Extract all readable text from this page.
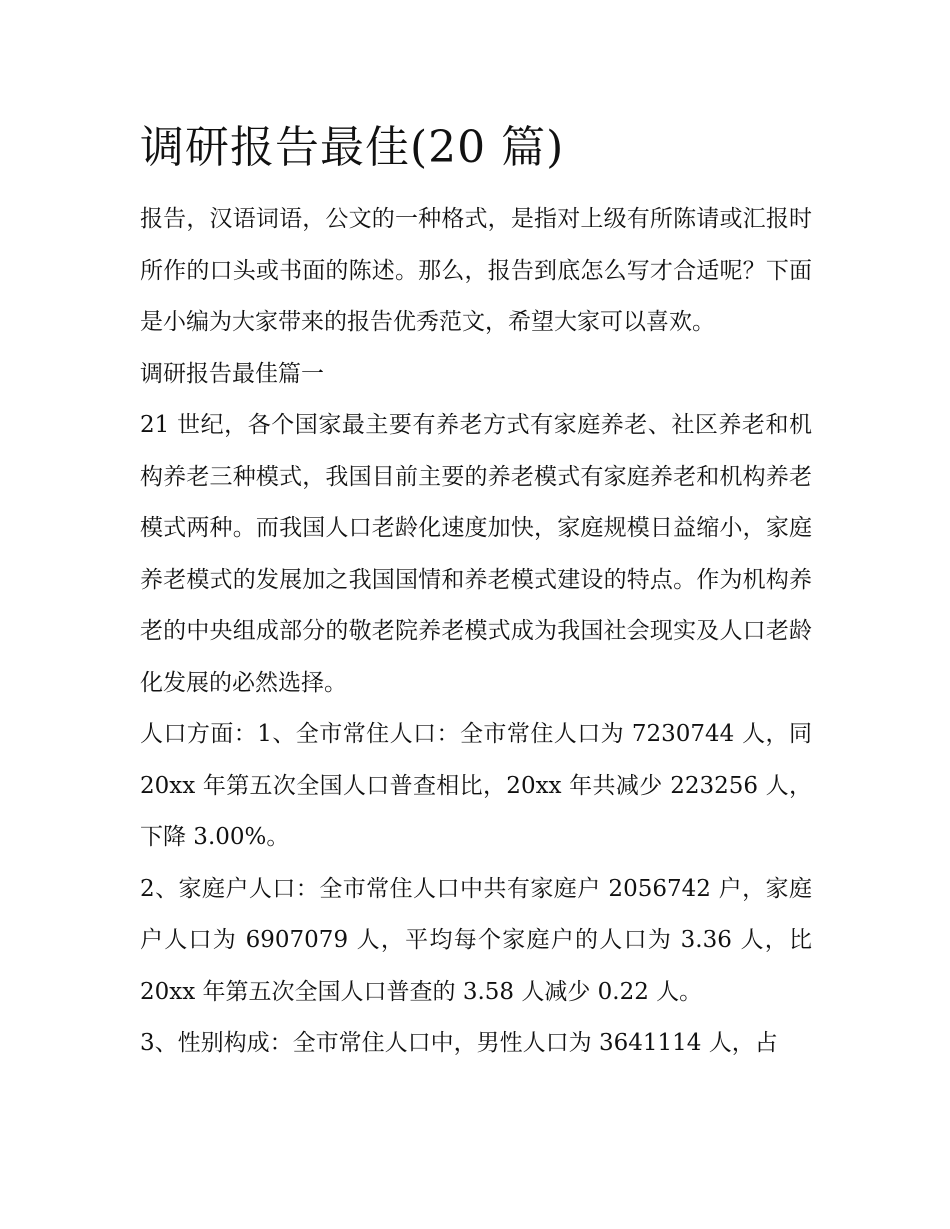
调研报告最佳(20 篇)

报告，汉语词语，公文的一种格式，是指对上级有所陈请或汇报时所作的口头或书面的陈述。那么，报告到底怎么写才合适呢？下面是小编为大家带来的报告优秀范文，希望大家可以喜欢。

调研报告最佳篇一

21 世纪，各个国家最主要有养老方式有家庭养老、社区养老和机构养老三种模式，我国目前主要的养老模式有家庭养老和机构养老模式两种。而我国人口老龄化速度加快，家庭规模日益缩小，家庭养老模式的发展加之我国国情和养老模式建设的特点。作为机构养老的中央组成部分的敬老院养老模式成为我国社会现实及人口老龄化发展的必然选择。

人口方面：1、全市常住人口：全市常住人口为 7230744 人，同 20xx 年第五次全国人口普查相比，20xx 年共减少 223256 人，下降 3.00%。

2、家庭户人口：全市常住人口中共有家庭户 2056742 户，家庭户人口为 6907079 人，平均每个家庭户的人口为 3.36 人，比 20xx 年第五次全国人口普查的 3.58 人减少 0.22 人。

3、性别构成：全市常住人口中，男性人口为 3641114 人，占
